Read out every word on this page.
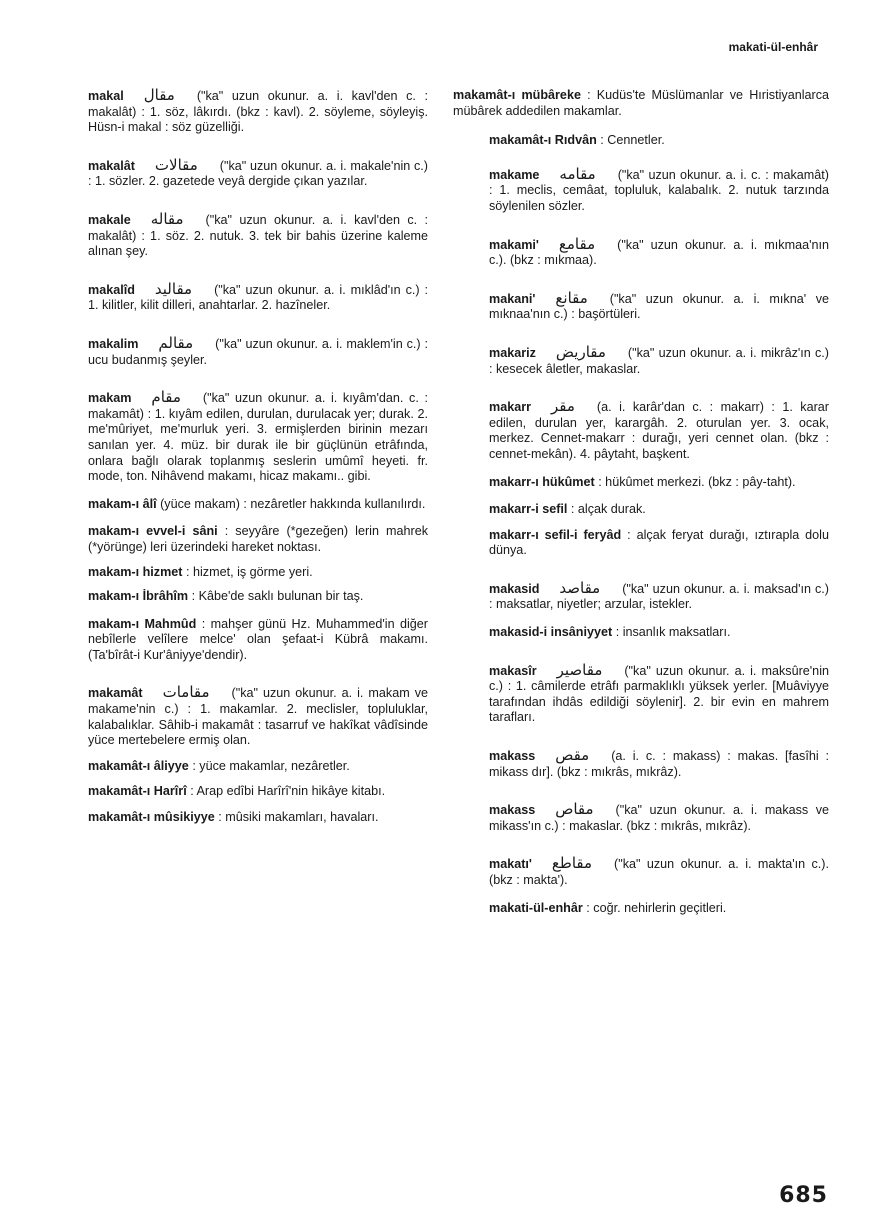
makati-ül-enhâr

makal مقال ("ka" uzun okunur. a. i. kavl'den c. : makalât) : 1. söz, lâkırdı. (bkz : kavl). 2. söyleme, söyleyiş. Hüsn-i makal : söz güzelliği.

makalât مقالات ("ka" uzun okunur. a. i. makale'nin c.) : 1. sözler. 2. gazetede veyâ dergide çıkan yazılar.

makale مقاله ("ka" uzun okunur. a. i. kavl'den c. : makalât) : 1. söz. 2. nutuk. 3. tek bir bahis üzerine kaleme alınan şey.

makalîd مقاليد ("ka" uzun okunur. a. i. mıklâd'ın c.) : 1. kilitler, kilit dilleri, anahtarlar. 2. hazîneler.

makalim مقالم ("ka" uzun okunur. a. i. maklem'in c.) : ucu budanmış şeyler.

makam مقام ("ka" uzun okunur. a. i. kıyâm'dan. c. : makamât) : 1. kıyâm edilen, durulan, durulacak yer; durak. 2. me'mûriyet, me'murluk yeri. 3. ermişlerden birinin mezarı sanılan yer. 4. müz. bir durak ile bir güçlünün etrâfında, onlara bağlı olarak toplanmış seslerin umûmî heyeti. fr. mode, ton. Nihâvend makamı, hicaz makamı.. gibi.

makam-ı âlî (yüce makam) : nezâretler hakkında kullanılırdı.

makam-ı evvel-i sâni : seyyâre (*gezeğen) lerin mahrek (*yörünge) leri üzerindeki hareket noktası.

makam-ı hizmet : hizmet, iş görme yeri.

makam-ı İbrâhîm : Kâbe'de saklı bulunan bir taş.

makam-ı Mahmûd : mahşer günü Hz. Muhammed'in diğer nebîlerle velîlere melce' olan şefaat-i Kübrâ makamı. (Ta'bîrât-i Kur'âniyye'dendir).

makamât مقامات ("ka" uzun okunur. a. i. makam ve makame'nin c.) : 1. makamlar. 2. meclisler, topluluklar, kalabalıklar. Sâhib-i makamât : tasarruf ve hakîkat vâdîsinde yüce mertebelere ermiş olan.

makamât-ı âliyye : yüce makamlar, nezâretler.

makamât-ı Harîrî : Arap edîbi Harîrî'nin hikâye kitabı.

makamât-ı mûsikiyye : mûsiki makamları, havaları.

makamât-ı mübâreke : Kudüs'te Müslümanlar ve Hıristiyanlarca mübârek addedilen makamlar.

makamât-ı Rıdvân : Cennetler.

makame مقامه ("ka" uzun okunur. a. i. c. : makamât) : 1. meclis, cemâat, topluluk, kalabalık. 2. nutuk tarzında söylenilen sözler.

makami' مقامع ("ka" uzun okunur. a. i. mıkmaa'nın c.). (bkz : mıkmaa).

makani' مقانع ("ka" uzun okunur. a. i. mıkna' ve mıknaa'nın c.) : başörtüleri.

makariz مقاريض ("ka" uzun okunur. a. i. mikrâz'ın c.) : kesecek âletler, makaslar.

makarr مقر (a. i. karâr'dan c. : makarr) : 1. karar edilen, durulan yer, karargâh. 2. oturulan yer. 3. ocak, merkez. Cennet-makarr : durağı, yeri cennet olan. (bkz : cennet-mekân). 4. pâytaht, başkent.

makarr-ı hükûmet : hükûmet merkezi. (bkz : pây-taht).

makarr-i sefil : alçak durak.

makarr-ı sefil-i feryâd : alçak feryat durağı, ıztırapla dolu dünya.

makasid مقاصد ("ka" uzun okunur. a. i. maksad'ın c.) : maksatlar, niyetler; arzular, istekler.

makasid-i insâniyyet : insanlık maksatları.

makasîr مقاصير ("ka" uzun okunur. a. i. maksûre'nin c.) : 1. câmilerde etrâfı parmaklıklı yüksek yerler. [Muâviyye tarafından ihdâs edildiği söylenir]. 2. bir evin en mahrem tarafları.

makass مقص (a. i. c. : makass) : makas. [fasîhi : mikass dır]. (bkz : mıkrâs, mıkrâz).

makass مقاص ("ka" uzun okunur. a. i. makass ve mikass'ın c.) : makaslar. (bkz : mıkrâs, mıkrâz).

makatı' مقاطع ("ka" uzun okunur. a. i. makta'ın c.). (bkz : makta').

makati-ül-enhâr : coğr. nehirlerin geçitleri.

685
